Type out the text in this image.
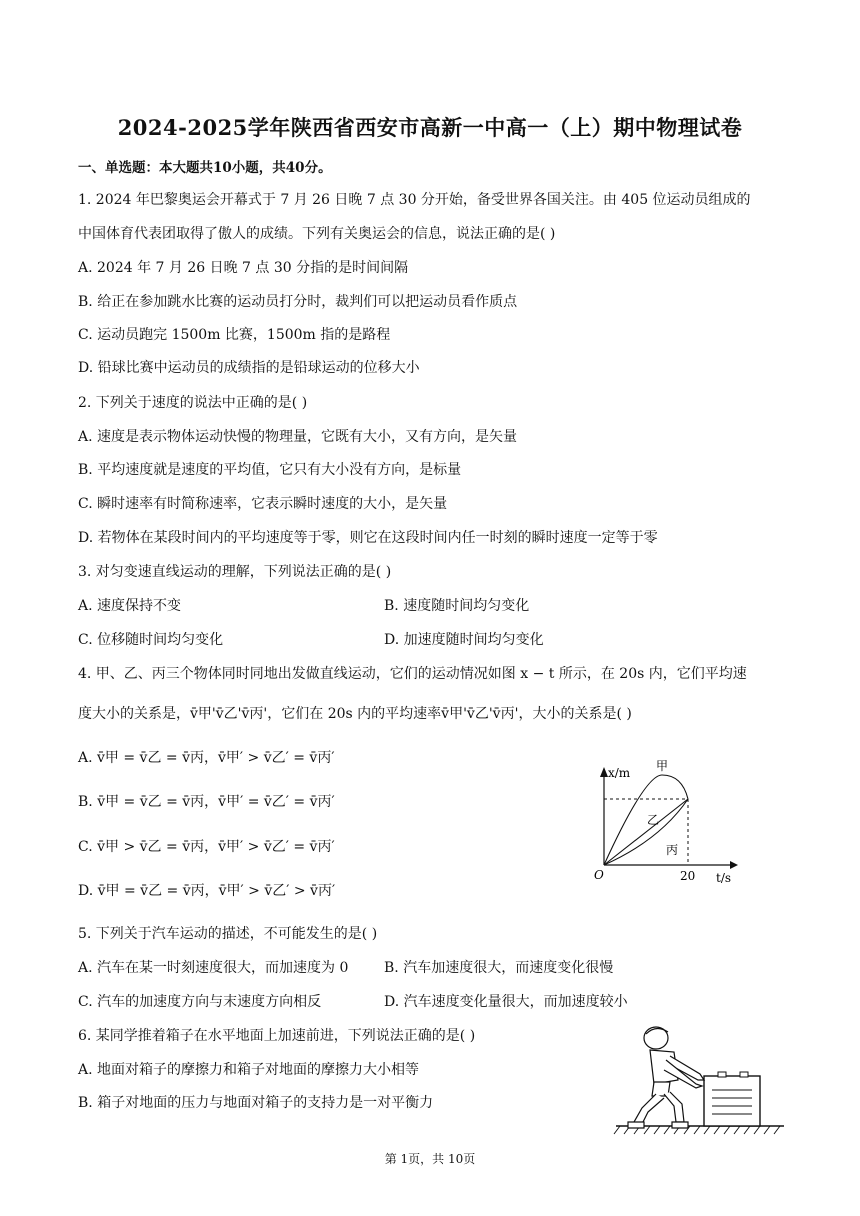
2024-2025学年陕西省西安市高新一中高一（上）期中物理试卷
一、单选题：本大题共10小题，共40分。
1. 2024 年巴黎奥运会开幕式于 7 月 26 日晚 7 点 30 分开始，备受世界各国关注。由 405 位运动员组成的
中国体育代表团取得了傲人的成绩。下列有关奥运会的信息，说法正确的是( )
A. 2024 年 7 月 26 日晚 7 点 30 分指的是时间间隔
B. 给正在参加跳水比赛的运动员打分时，裁判们可以把运动员看作质点
C. 运动员跑完 1500m 比赛，1500m 指的是路程
D. 铅球比赛中运动员的成绩指的是铅球运动的位移大小
2. 下列关于速度的说法中正确的是( )
A. 速度是表示物体运动快慢的物理量，它既有大小，又有方向，是矢量
B. 平均速度就是速度的平均值，它只有大小没有方向，是标量
C. 瞬时速率有时简称速率，它表示瞬时速度的大小，是矢量
D. 若物体在某段时间内的平均速度等于零，则它在这段时间内任一时刻的瞬时速度一定等于零
3. 对匀变速直线运动的理解，下列说法正确的是( )
A. 速度保持不变	B. 速度随时间均匀变化
C. 位移随时间均匀变化	D. 加速度随时间均匀变化
4. 甲、乙、丙三个物体同时同地出发做直线运动，它们的运动情况如图 x − t 所示，在 20s 内，它们平均速
度大小的关系是，v̄甲'v̄乙'v̄丙'，它们在 20s 内的平均速率v̄甲'v̄乙'v̄丙'，大小的关系是( )
A. v̄甲 = v̄乙 = v̄丙，v̄甲′ > v̄乙′ = v̄丙′
B. v̄甲 = v̄乙 = v̄丙，v̄甲′ = v̄乙′ = v̄丙′
C. v̄甲 > v̄乙 = v̄丙，v̄甲′ > v̄乙′ = v̄丙′
D. v̄甲 = v̄乙 = v̄丙，v̄甲′ > v̄乙′ > v̄丙′
x/m 甲
乙
丙
O	20 t/s
5. 下列关于汽车运动的描述，不可能发生的是( )
A. 汽车在某一时刻速度很大，而加速度为 0	B. 汽车加速度很大，而速度变化很慢
C. 汽车的加速度方向与末速度方向相反	D. 汽车速度变化量很大，而加速度较小
6. 某同学推着箱子在水平地面上加速前进，下列说法正确的是( )
A. 地面对箱子的摩擦力和箱子对地面的摩擦力大小相等
B. 箱子对地面的压力与地面对箱子的支持力是一对平衡力
第 1页，共 10页
